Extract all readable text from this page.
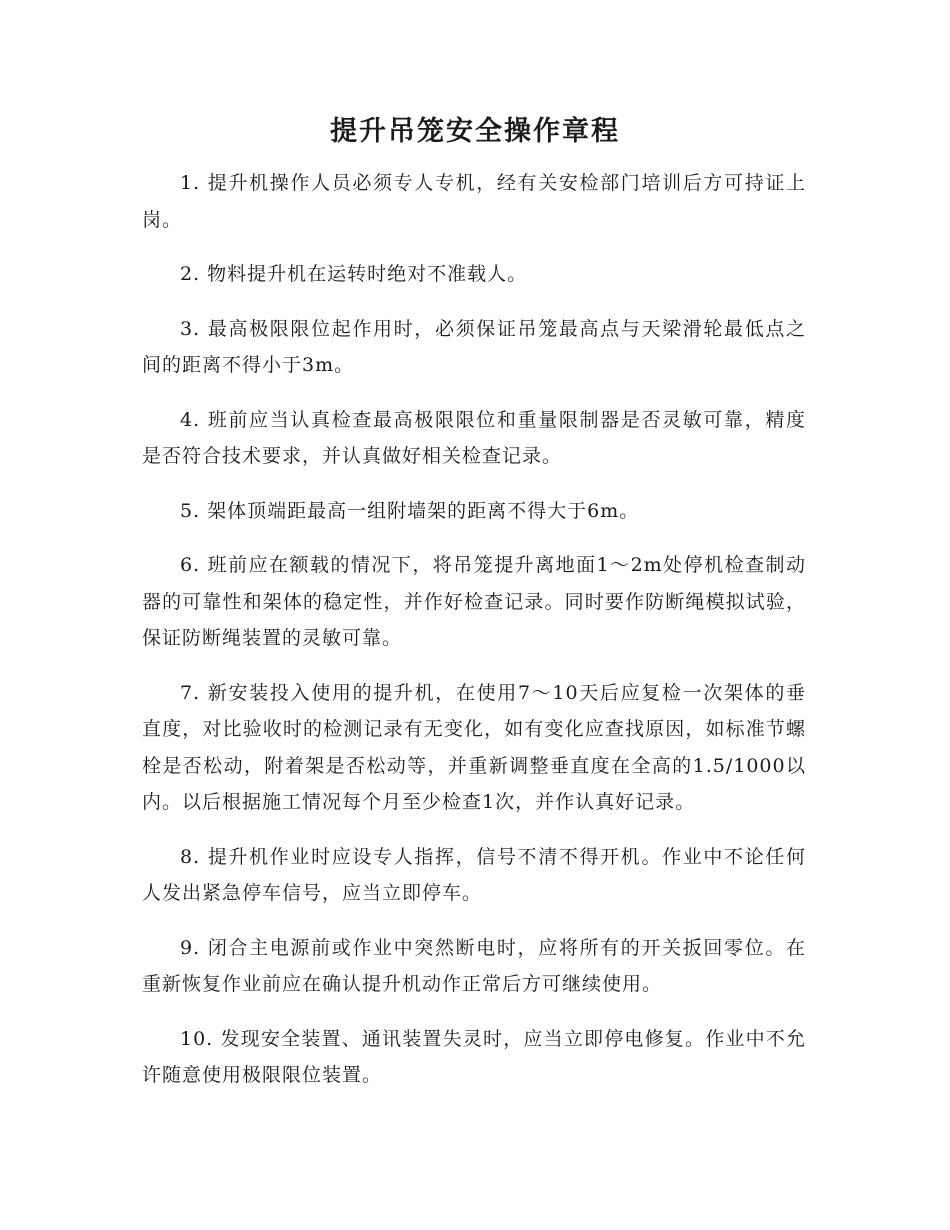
提升吊笼安全操作章程
1. 提升机操作人员必须专人专机，经有关安检部门培训后方可持证上岗。
2. 物料提升机在运转时绝对不准载人。
3. 最高极限限位起作用时，必须保证吊笼最高点与天梁滑轮最低点之间的距离不得小于3m。
4. 班前应当认真检查最高极限限位和重量限制器是否灵敏可靠，精度是否符合技术要求，并认真做好相关检查记录。
5. 架体顶端距最高一组附墙架的距离不得大于6m。
6. 班前应在额载的情况下，将吊笼提升离地面1～2m处停机检查制动器的可靠性和架体的稳定性，并作好检查记录。同时要作防断绳模拟试验，保证防断绳装置的灵敏可靠。
7. 新安装投入使用的提升机，在使用7～10天后应复检一次架体的垂直度，对比验收时的检测记录有无变化，如有变化应查找原因，如标准节螺栓是否松动，附着架是否松动等，并重新调整垂直度在全高的1.5/1000以内。以后根据施工情况每个月至少检查1次，并作认真好记录。
8. 提升机作业时应设专人指挥，信号不清不得开机。作业中不论任何人发出紧急停车信号，应当立即停车。
9. 闭合主电源前或作业中突然断电时，应将所有的开关扳回零位。在重新恢复作业前应在确认提升机动作正常后方可继续使用。
10. 发现安全装置、通讯装置失灵时，应当立即停电修复。作业中不允许随意使用极限限位装置。
